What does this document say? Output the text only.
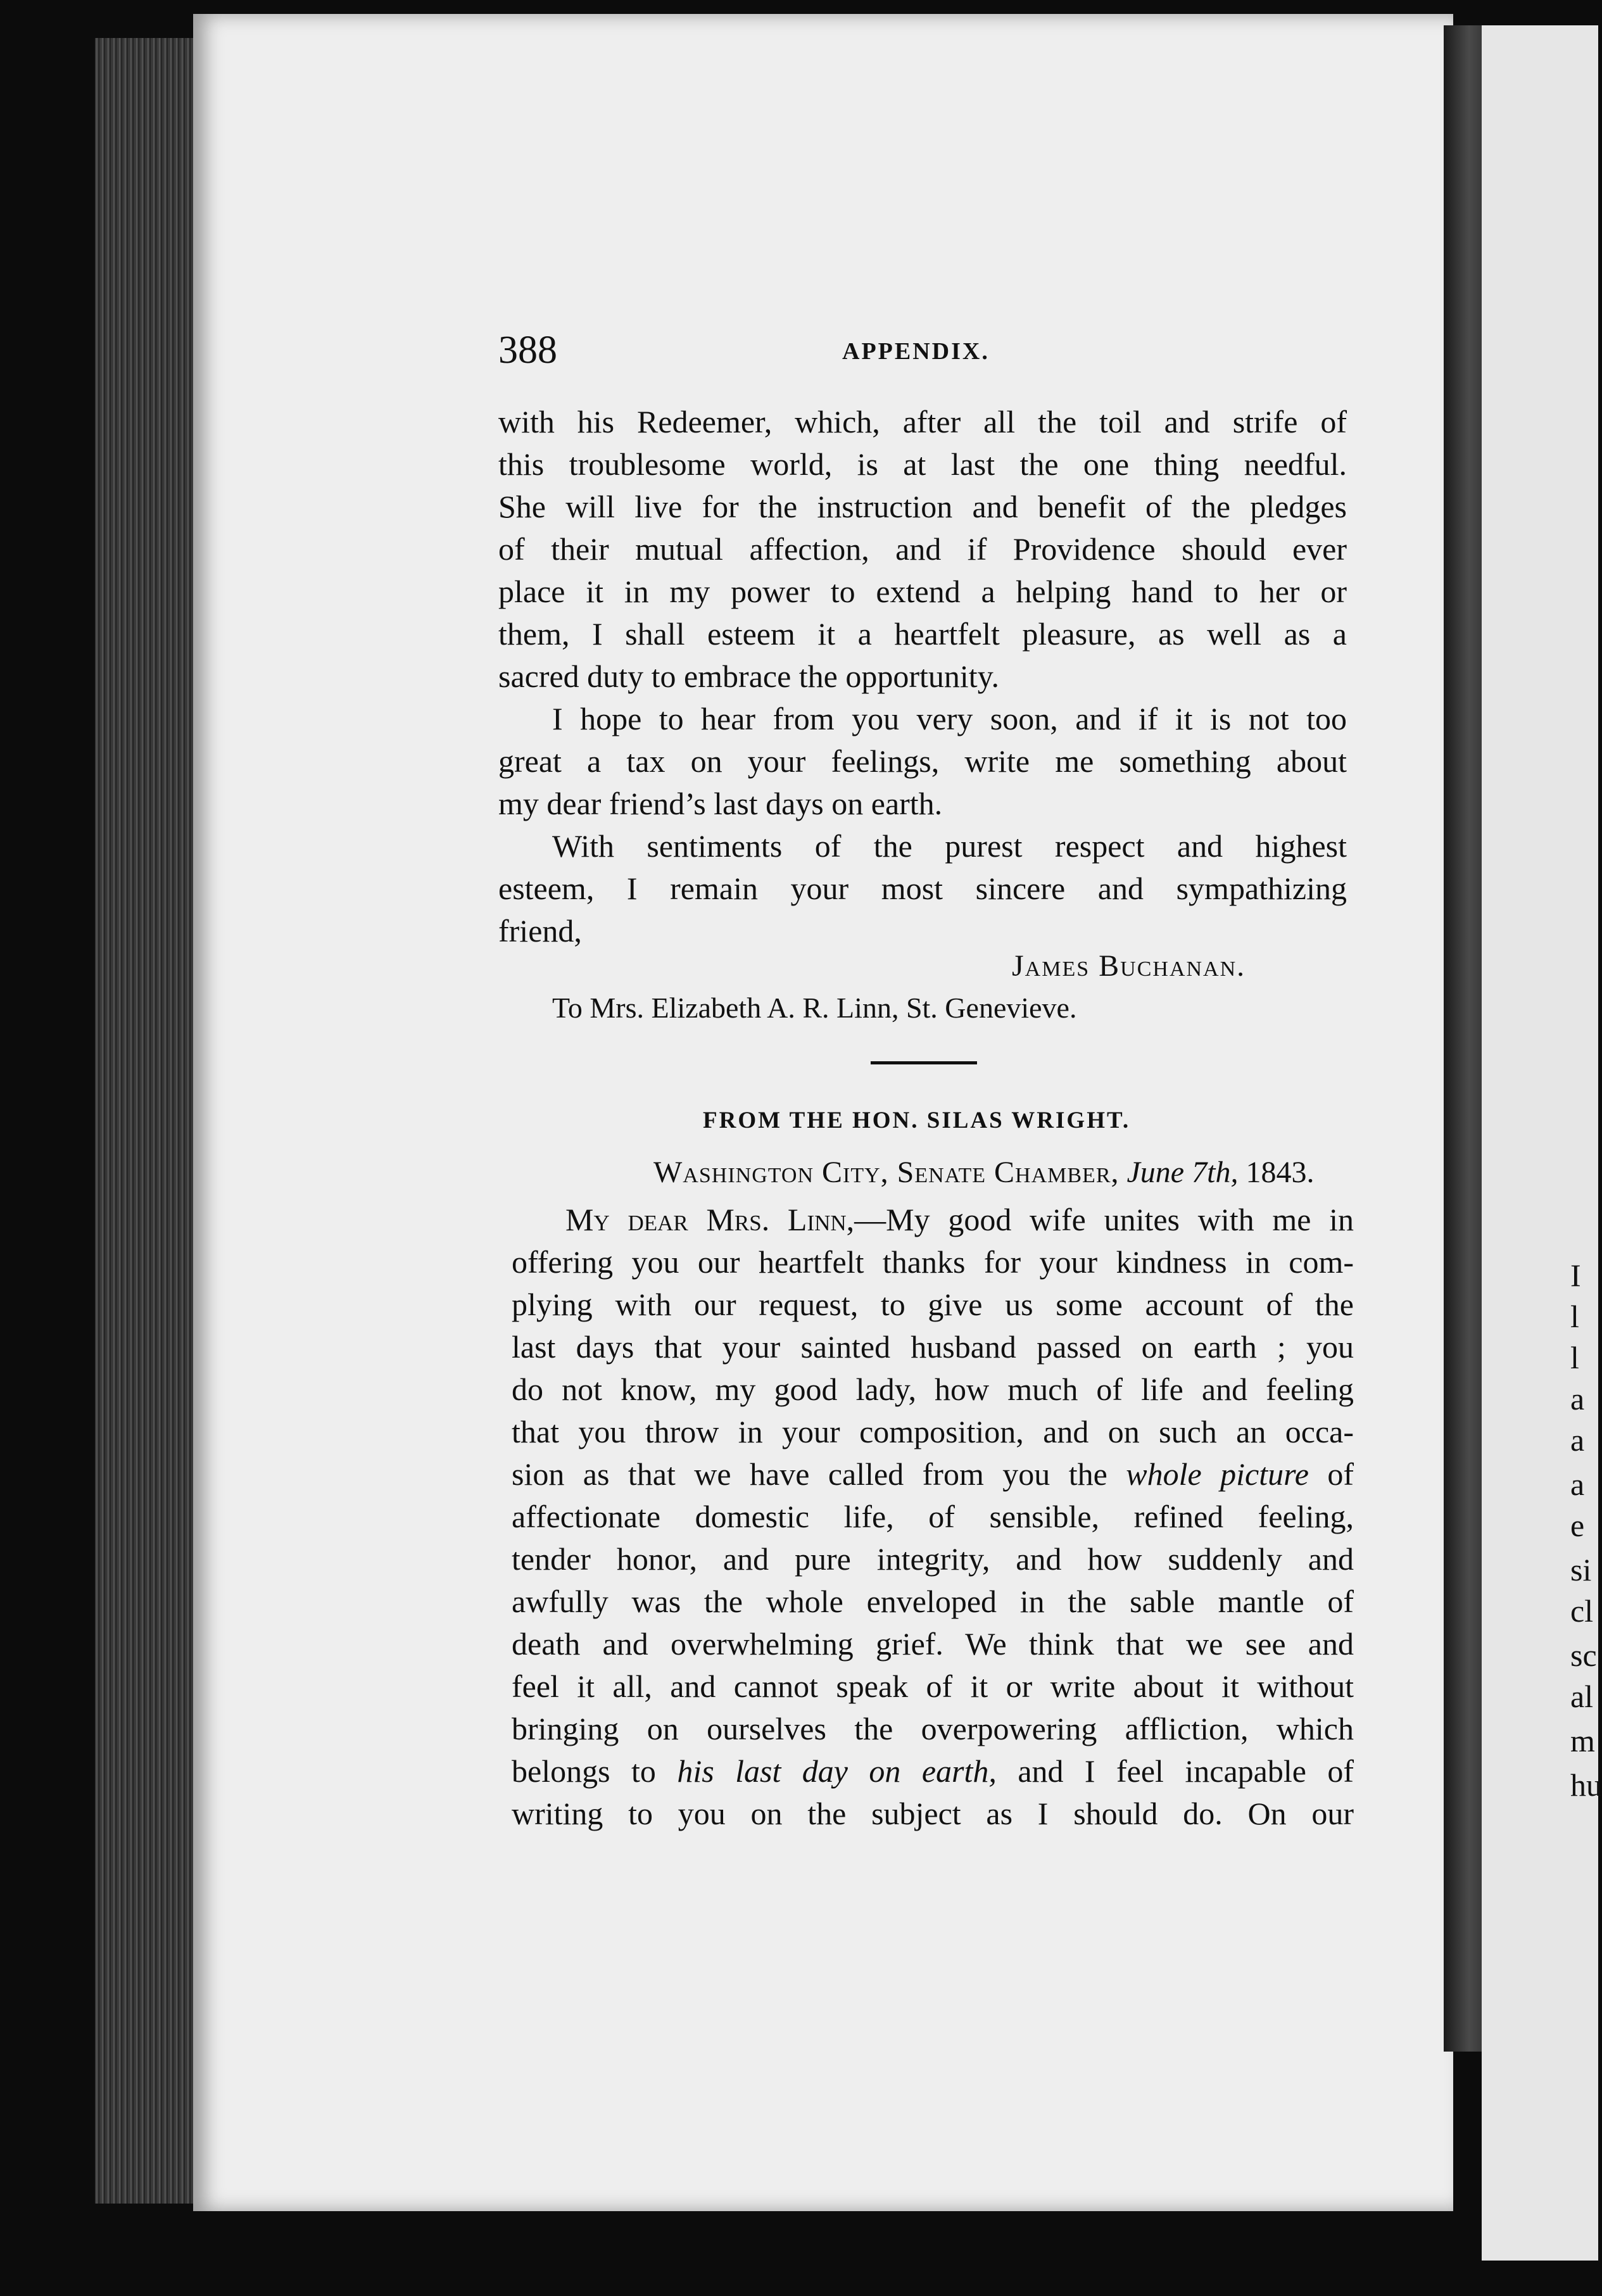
I
l
l
a
a
a
e
si
cl
sc
al
m
hu
388	APPENDIX.
with his Redeemer, which, after all the toil and strife of
this troublesome world, is at last the one thing needful.
She will live for the instruction and benefit of the pledges
of their mutual affection, and if Providence should ever
place it in my power to extend a helping hand to her or
them, I shall esteem it a heartfelt pleasure, as well as a
sacred duty to embrace the opportunity.
I hope to hear from you very soon, and if it is not too
great a tax on your feelings, write me something about
my dear friend’s last days on earth.
With sentiments of the purest respect and highest
esteem, I remain your most sincere and sympathizing
friend,
James Buchanan.
To Mrs. Elizabeth A. R. Linn, St. Genevieve.
FROM THE HON. SILAS WRIGHT.
Washington City, Senate Chamber, June 7th, 1843.
My dear Mrs. Linn,—My good wife unites with me in
offering you our heartfelt thanks for your kindness in com-
plying with our request, to give us some account of the
last days that your sainted husband passed on earth ; you
do not know, my good lady, how much of life and feeling
that you throw in your composition, and on such an occa-
sion as that we have called from you the whole picture of
affectionate domestic life, of sensible, refined feeling,
tender honor, and pure integrity, and how suddenly and
awfully was the whole enveloped in the sable mantle of
death and overwhelming grief. We think that we see and
feel it all, and cannot speak of it or write about it without
bringing on ourselves the overpowering affliction, which
belongs to his last day on earth, and I feel incapable of
writing to you on the subject as I should do. On our
